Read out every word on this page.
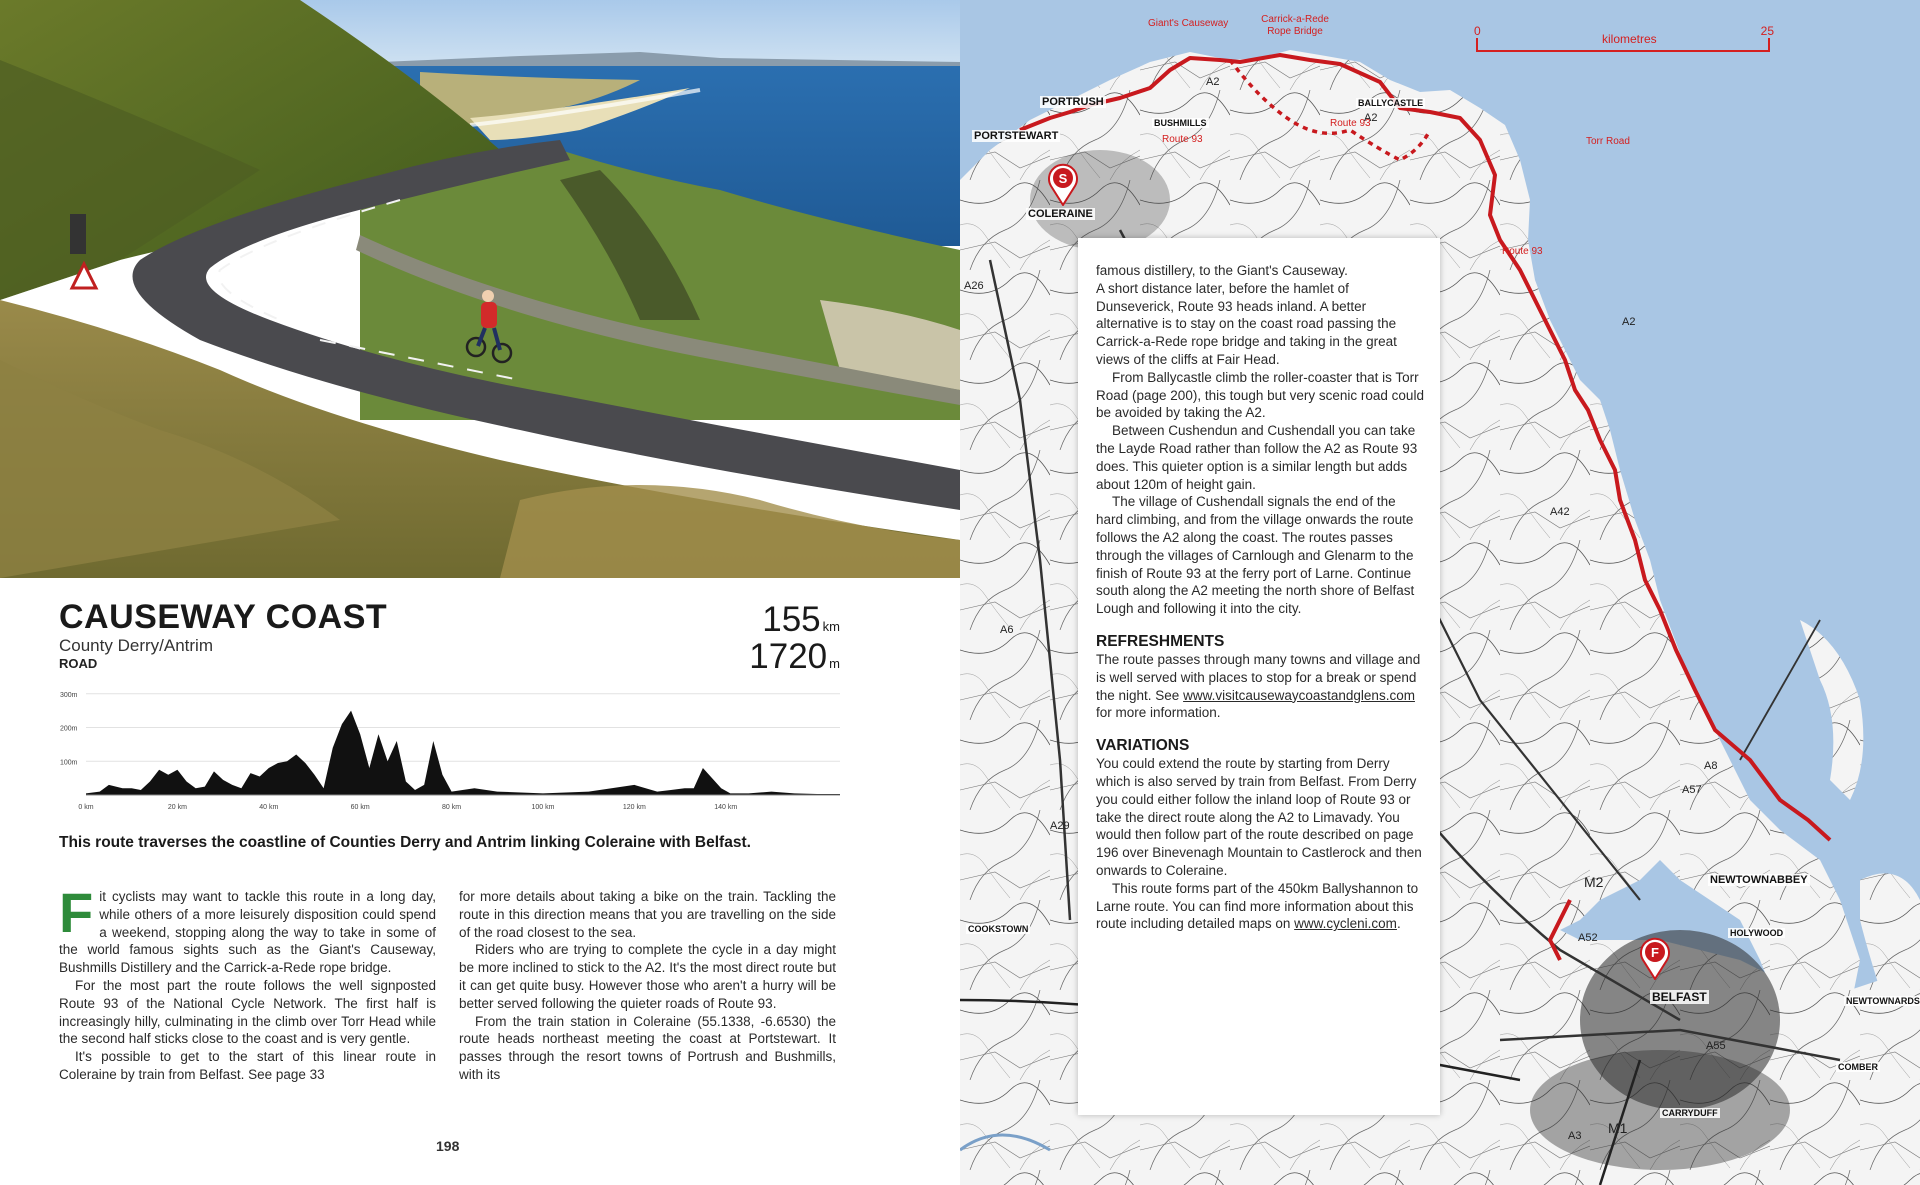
CAUSEWAY COAST
County Derry/Antrim
ROAD
155 km
1720 m
100m
200m
300m
0 km	20 km	40 km	60 km	80 km	100 km	120 km	140 km
This route traverses the coastline of Counties Derry and Antrim linking Coleraine with Belfast.
F it cyclists may want to tackle this route in a long day, while others of a more leisurely disposition could spend a weekend, stopping along the way to take in some of the world famous sights such as the Giant's Causeway, Bushmills Distillery and the Carrick-a-Rede rope bridge.

For the most part the route follows the well signposted Route 93 of the National Cycle Network. The first half is increasingly hilly, culminating in the climb over Torr Head while the second half sticks close to the coast and is very gentle.

It's possible to get to the start of this linear route in Coleraine by train from Belfast. See page 33

for more details about taking a bike on the train. Tackling the route in this direction means that you are travelling on the side of the road closest to the sea.

Riders who are trying to complete the cycle in a day might be more inclined to stick to the A2. It's the most direct route but it can get quite busy. However those who aren't a hurry will be better served following the quieter roads of Route 93.

From the train station in Coleraine (55.1338, -6.6530) the route heads northeast meeting the coast at Portstewart. It passes through the resort towns of Portrush and Bushmills, with its

198
0	25
kilometres
Giant's Causeway	Carrick-a-Rede Rope Bridge
PORTRUSH
PORTSTEWART
COLERAINE
BUSHMILLS
BALLYCASTLE
Route 93
Route 93
Route 93
Torr Road
A2
A2
A2
A26
A6
A29
A52
M2
M1
A8
A57
A42
A3
A55
NEWTOWNABBEY
BELFAST
HOLYWOOD
COOKSTOWN
CARRYDUFF
NEWTOWNARDS
COMBER
S
F

famous distillery, to the Giant's Causeway.

A short distance later, before the hamlet of Dunseverick, Route 93 heads inland. A better alternative is to stay on the coast road passing the Carrick-a-Rede rope bridge and taking in the great views of the cliffs at Fair Head.

From Ballycastle climb the roller-coaster that is Torr Road (page 200), this tough but very scenic road could be avoided by taking the A2.

Between Cushendun and Cushendall you can take the Layde Road rather than follow the A2 as Route 93 does. This quieter option is a similar length but adds about 120m of height gain.

The village of Cushendall signals the end of the hard climbing, and from the village onwards the route follows the A2 along the coast. The routes passes through the villages of Carnlough and Glenarm to the finish of Route 93 at the ferry port of Larne. Continue south along the A2 meeting the north shore of Belfast Lough and following it into the city.

REFRESHMENTS

The route passes through many towns and village and is well served with places to stop for a break or spend the night. See www.visitcausewaycoastandglens.com for more information.

VARIATIONS

You could extend the route by starting from Derry which is also served by train from Belfast. From Derry you could either follow the inland loop of Route 93 or take the direct route along the A2 to Limavady. You would then follow part of the route described on page 196 over Binevenagh Mountain to Castlerock and then onwards to Coleraine.

This route forms part of the 450km Ballyshannon to Larne route. You can find more information about this route including detailed maps on www.cycleni.com.
